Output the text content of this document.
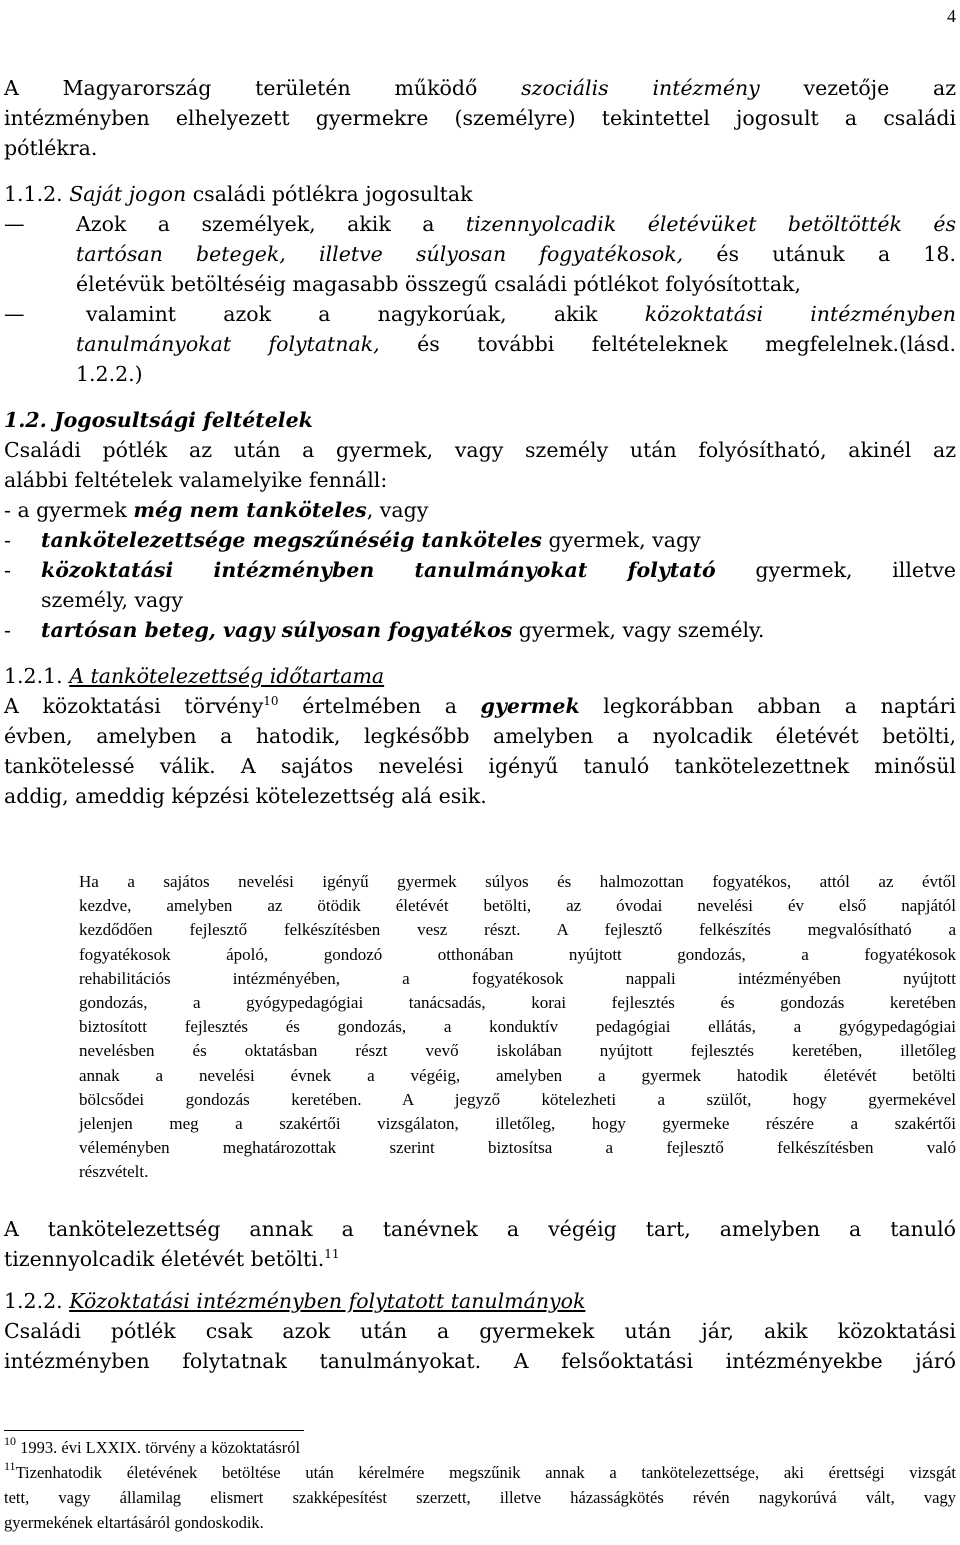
4
A Magyarország területén működő szociális intézmény vezetője az
intézményben elhelyezett gyermekre (személyre) tekintettel jogosult a családi
pótlékra.
1.1.2. Saját jogon családi pótlékra jogosultak
—	Azok a személyek, akik a tizennyolcadik életévüket betöltötték és
tartósan betegek, illetve súlyosan fogyatékosok, és utánuk a 18.
életévük betöltéséig magasabb összegű családi pótlékot folyósítottak,
—	valamint azok a nagykorúak, akik közoktatási intézményben
tanulmányokat folytatnak, és további feltételeknek megfelelnek.(lásd.
1.2.2.)
1.2. Jogosultsági feltételek
Családi pótlék az után a gyermek, vagy személy után folyósítható, akinél az
alábbi feltételek valamelyike fennáll:
- a gyermek még nem tanköteles, vagy
-	tankötelezettsége megszűnéséig tanköteles gyermek, vagy
-	közoktatási intézményben tanulmányokat folytató gyermek, illetve
személy, vagy
-	tartósan beteg, vagy súlyosan fogyatékos gyermek, vagy személy.
1.2.1. A tankötelezettség időtartama
A közoktatási törvény$^{10}$ értelmében a gyermek legkorábban abban a naptári
évben, amelyben a hatodik, legkésőbb amelyben a nyolcadik életévét betölti,
tankötelessé válik. A sajátos nevelési igényű tanuló tankötelezettnek minősül
addig, ameddig képzési kötelezettség alá esik.
Ha a sajátos nevelési igényű gyermek súlyos és halmozottan fogyatékos, attól az évtől
kezdve, amelyben az ötödik életévét betölti, az óvodai nevelési év első napjától
kezdődően fejlesztő felkészítésben vesz részt. A fejlesztő felkészítés megvalósítható a
fogyatékosok ápoló, gondozó otthonában nyújtott gondozás, a fogyatékosok
rehabilitációs intézményében, a fogyatékosok nappali intézményében nyújtott
gondozás, a gyógypedagógiai tanácsadás, korai fejlesztés és gondozás keretében
biztosított fejlesztés és gondozás, a konduktív pedagógiai ellátás, a gyógypedagógiai
nevelésben és oktatásban részt vevő iskolában nyújtott fejlesztés keretében, illetőleg
annak a nevelési évnek a végéig, amelyben a gyermek hatodik életévét betölti
bölcsődei gondozás keretében. A jegyző kötelezheti a szülőt, hogy gyermekével
jelenjen meg a szakértői vizsgálaton, illetőleg, hogy gyermeke részére a szakértői
véleményben meghatározottak szerint biztosítsa a fejlesztő felkészítésben való
részvételt.
A tankötelezettség annak a tanévnek a végéig tart, amelyben a tanuló
tizennyolcadik életévét betölti.$^{11}$
1.2.2. Közoktatási intézményben folytatott tanulmányok
Családi pótlék csak azok után a gyermekek után jár, akik közoktatási
intézményben folytatnak tanulmányokat. A felsőoktatási intézményekbe járó
$^{10}$ 1993. évi LXXIX. törvény a közoktatásról
$^{11}$Tizenhatodik életévének betöltése után kérelmére megszűnik annak a tankötelezettsége, aki érettségi vizsgát
tett, vagy államilag elismert szakképesítést szerzett, illetve házasságkötés révén nagykorúvá vált, vagy
gyermekének eltartásáról gondoskodik.
